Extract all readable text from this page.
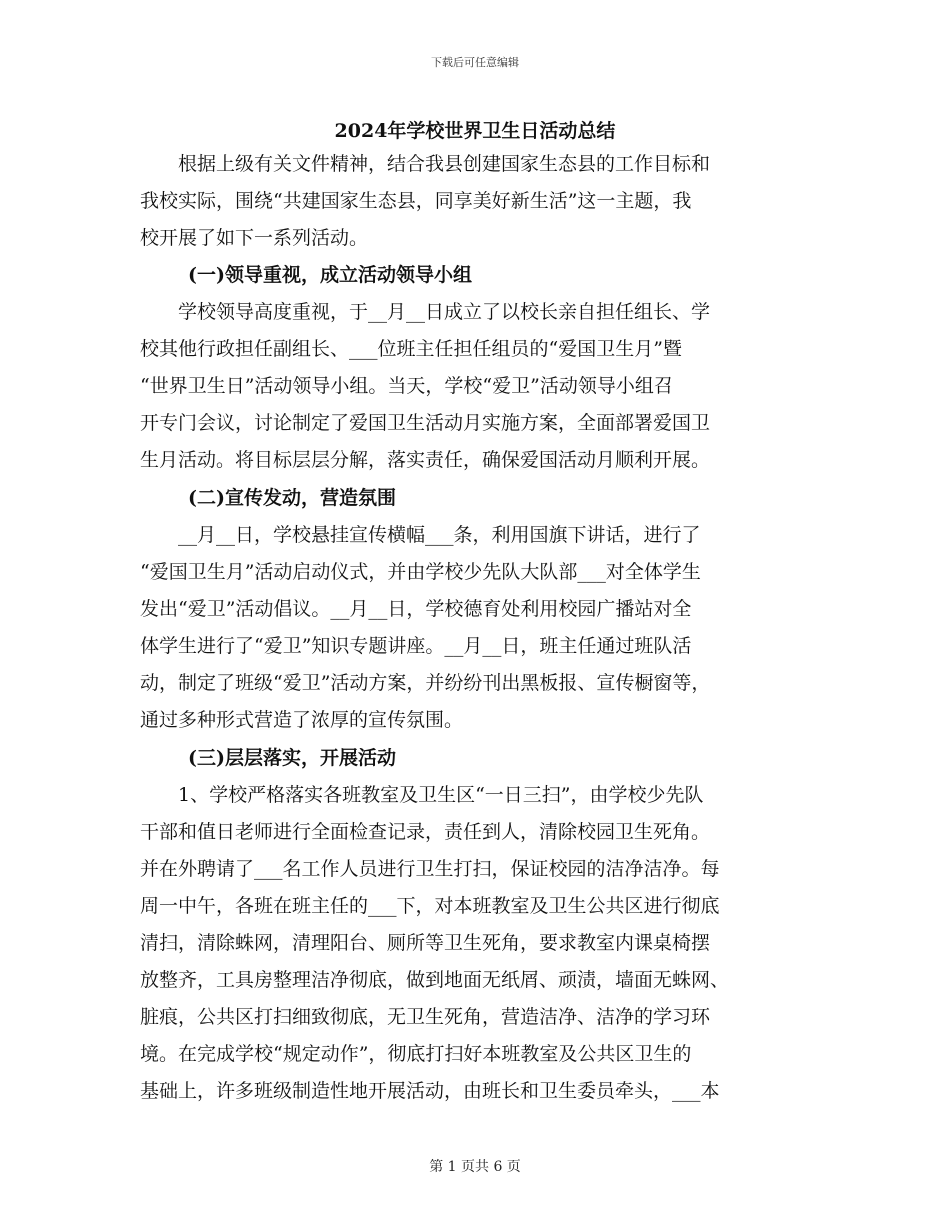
下载后可任意编辑
2024年学校世界卫生日活动总结
　　根据上级有关文件精神，结合我县创建国家生态县的工作目标和
我校实际，围绕“共建国家生态县，同享美好新生活”这一主题，我
校开展了如下一系列活动。
(一)领导重视，成立活动领导小组
　　学校领导高度重视，于__月__日成立了以校长亲自担任组长、学
校其他行政担任副组长、___位班主任担任组员的“爱国卫生月”暨
“世界卫生日”活动领导小组。当天，学校“爱卫”活动领导小组召
开专门会议，讨论制定了爱国卫生活动月实施方案，全面部署爱国卫
生月活动。将目标层层分解，落实责任，确保爱国活动月顺利开展。
(二)宣传发动，营造氛围
　　__月__日，学校悬挂宣传横幅___条，利用国旗下讲话，进行了
“爱国卫生月”活动启动仪式，并由学校少先队大队部___对全体学生
发出“爱卫”活动倡议。__月__日，学校德育处利用校园广播站对全
体学生进行了“爱卫”知识专题讲座。__月__日，班主任通过班队活
动，制定了班级“爱卫”活动方案，并纷纷刊出黑板报、宣传橱窗等，
通过多种形式营造了浓厚的宣传氛围。
(三)层层落实，开展活动
　　1、学校严格落实各班教室及卫生区“一日三扫”，由学校少先队
干部和值日老师进行全面检查记录，责任到人，清除校园卫生死角。
并在外聘请了___名工作人员进行卫生打扫，保证校园的洁净洁净。每
周一中午，各班在班主任的___下，对本班教室及卫生公共区进行彻底
清扫，清除蛛网，清理阳台、厕所等卫生死角，要求教室内课桌椅摆
放整齐，工具房整理洁净彻底，做到地面无纸屑、顽渍，墙面无蛛网、
脏痕，公共区打扫细致彻底，无卫生死角，营造洁净、洁净的学习环
境。在完成学校“规定动作”，彻底打扫好本班教室及公共区卫生的
基础上，许多班级制造性地开展活动，由班长和卫生委员牵头，___本
第 1 页共 6 页
